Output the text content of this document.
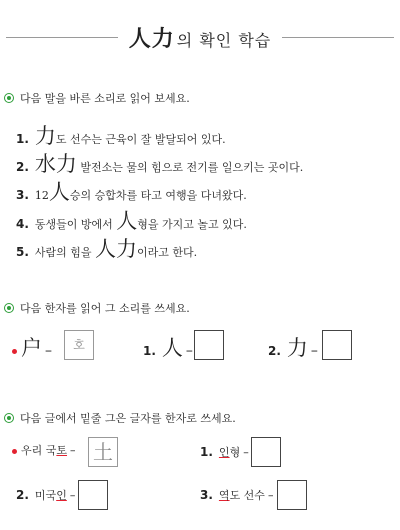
人力 의 확인 학습
다음 말을 바른 소리로 읽어 보세요.
1. 力도 선수는 근육이 잘 발달되어 있다.
2. 水力 발전소는 물의 힘으로 전기를 일으키는 곳이다.
3. 12人승의 승합차를 타고 여행을 다녀왔다.
4. 동생들이 방에서 人형을 가지고 놀고 있다.
5. 사람의 힘을 人力이라고 한다.
다음 한자를 읽어 그 소리를 쓰세요.
户 –	호	1. 人 –	2. 力 –
다음 글에서 밑줄 그은 글자를 한자로 쓰세요.
우리 국토 – 土	1. 인형 –
2. 미국인 –	3. 역도 선수 –
